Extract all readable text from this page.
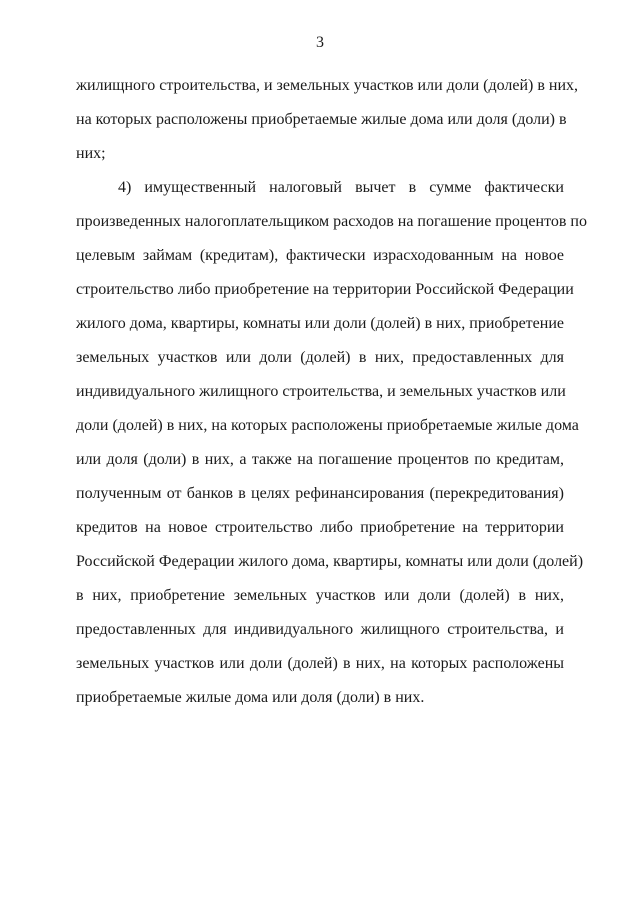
3
жилищного строительства, и земельных участков или доли (долей) в них,
на которых расположены приобретаемые жилые дома или доля (доли) в
них;
4) имущественный налоговый вычет в сумме фактически
произведенных налогоплательщиком расходов на погашение процентов по
целевым займам (кредитам), фактически израсходованным на новое
строительство либо приобретение на территории Российской Федерации
жилого дома, квартиры, комнаты или доли (долей) в них, приобретение
земельных участков или доли (долей) в них, предоставленных для
индивидуального жилищного строительства, и земельных участков или
доли (долей) в них, на которых расположены приобретаемые жилые дома
или доля (доли) в них, а также на погашение процентов по кредитам,
полученным от банков в целях рефинансирования (перекредитования)
кредитов на новое строительство либо приобретение на территории
Российской Федерации жилого дома, квартиры, комнаты или доли (долей)
в них, приобретение земельных участков или доли (долей) в них,
предоставленных для индивидуального жилищного строительства, и
земельных участков или доли (долей) в них, на которых расположены
приобретаемые жилые дома или доля (доли) в них.
